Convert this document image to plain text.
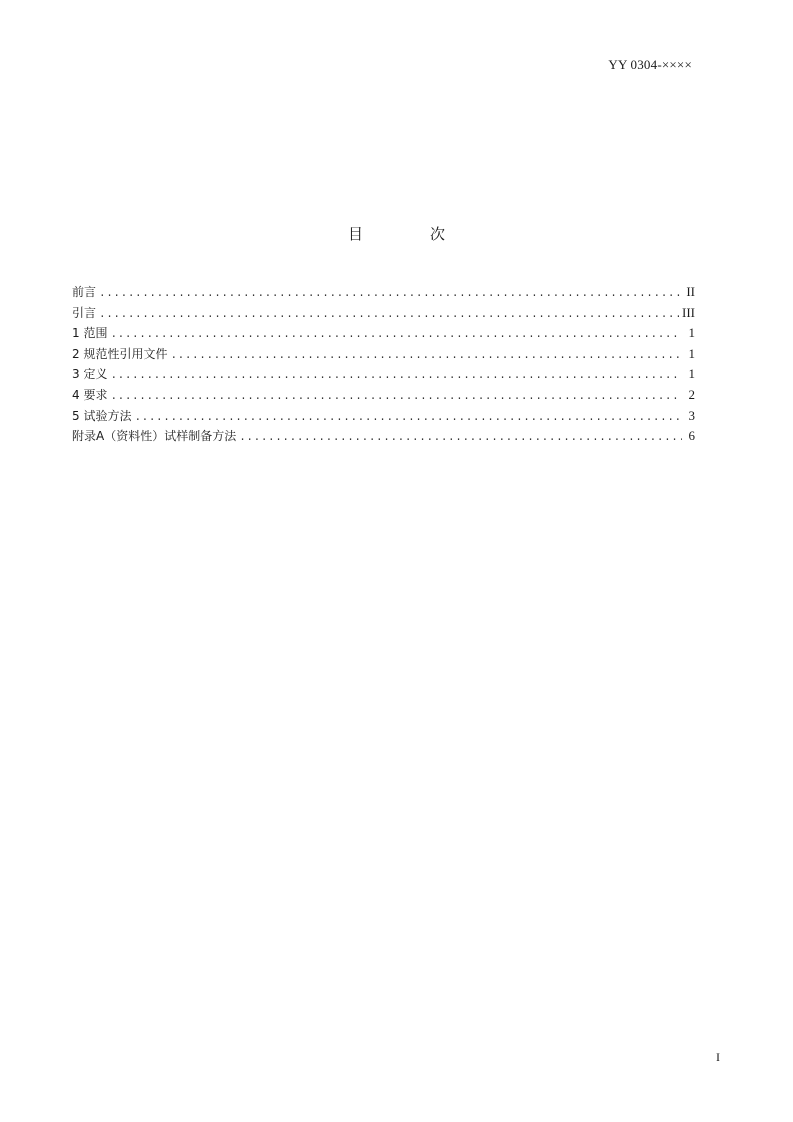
YY 0304-××××
目　次
前言 .....	II
引言 .....	III
1 范围 .....	1
2 规范性引用文件 .....	1
3 定义 .....	1
4 要求 .....	2
5 试验方法 .....	3
附录A（资料性）试样制备方法 .....	6
I
